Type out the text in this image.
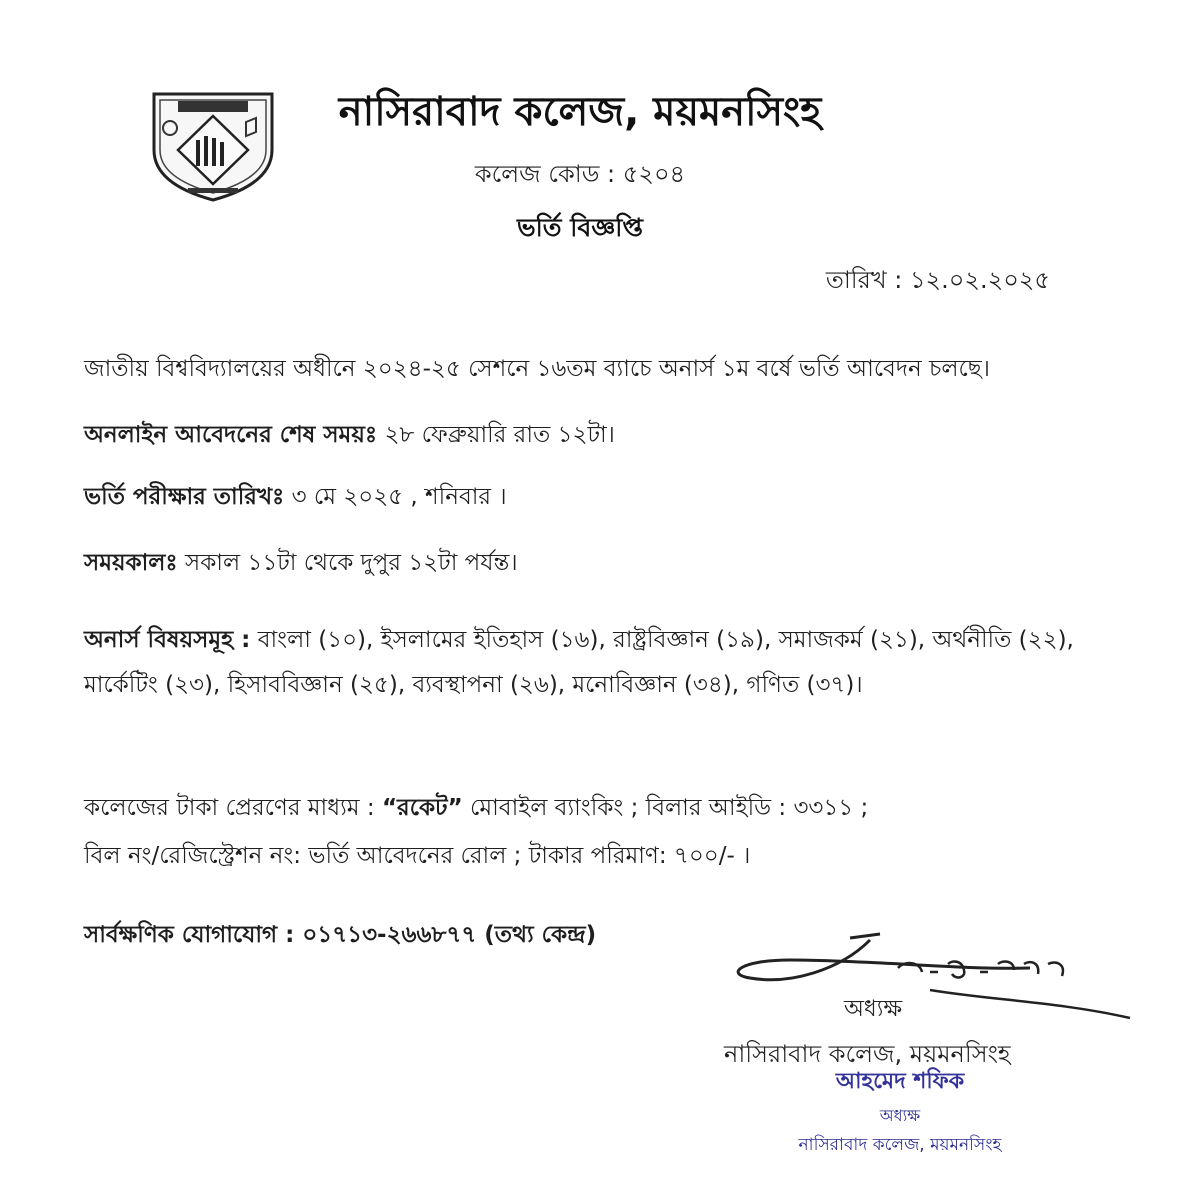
নাসিরাবাদ কলেজ, ময়মনসিংহ
কলেজ কোড : ৫২০৪
ভর্তি বিজ্ঞপ্তি
তারিখ : ১২.০২.২০২৫
জাতীয় বিশ্ববিদ্যালয়ের অধীনে ২০২৪-২৫ সেশনে ১৬তম ব্যাচে অনার্স ১ম বর্ষে ভর্তি আবেদন চলছে।
অনলাইন আবেদনের শেষ সময়ঃ ২৮ ফেব্রুয়ারি রাত ১২টা।
ভর্তি পরীক্ষার তারিখঃ ৩ মে ২০২৫ , শনিবার ।
সময়কালঃ সকাল ১১টা থেকে দুপুর ১২টা পর্যন্ত।
অনার্স বিষয়সমূহ : বাংলা (১০), ইসলামের ইতিহাস (১৬), রাষ্ট্রবিজ্ঞান (১৯), সমাজকর্ম (২১), অর্থনীতি (২২), মার্কেটিং (২৩), হিসাববিজ্ঞান (২৫), ব্যবস্থাপনা (২৬), মনোবিজ্ঞান (৩৪), গণিত (৩৭)।
কলেজের টাকা প্রেরণের মাধ্যম : “রকেট” মোবাইল ব্যাংকিং ; বিলার আইডি : ৩৩১১ ;
বিল নং/রেজিস্ট্রেশন নং: ভর্তি আবেদনের রোল ; টাকার পরিমাণ: ৭০০/- ।
সার্বক্ষণিক যোগাযোগ : ০১৭১৩-২৬৬৮৭৭ (তথ্য কেন্দ্র)
অধ্যক্ষ
নাসিরাবাদ কলেজ, ময়মনসিংহ
আহমেদ শফিক
অধ্যক্ষ
নাসিরাবাদ কলেজ, ময়মনসিংহ
